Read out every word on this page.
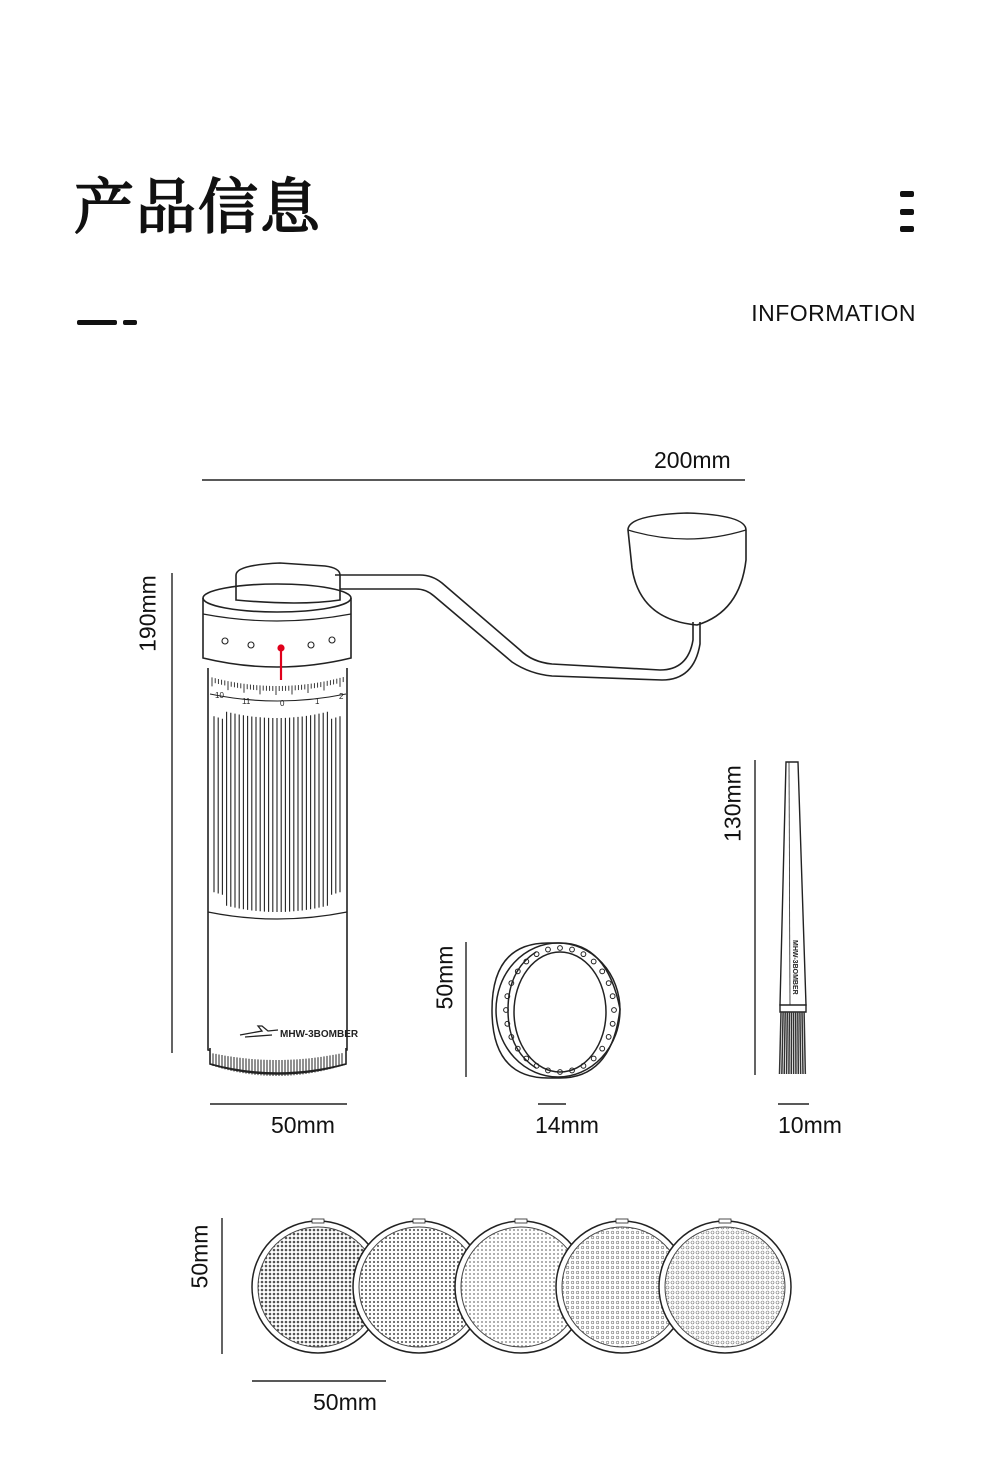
产品信息
INFORMATION
10
11	0	1
2
MHW-3BOMBER
MHW-3BOMBER
200mm
190mm
50mm
50mm
14mm
130mm
10mm
50mm
50mm
